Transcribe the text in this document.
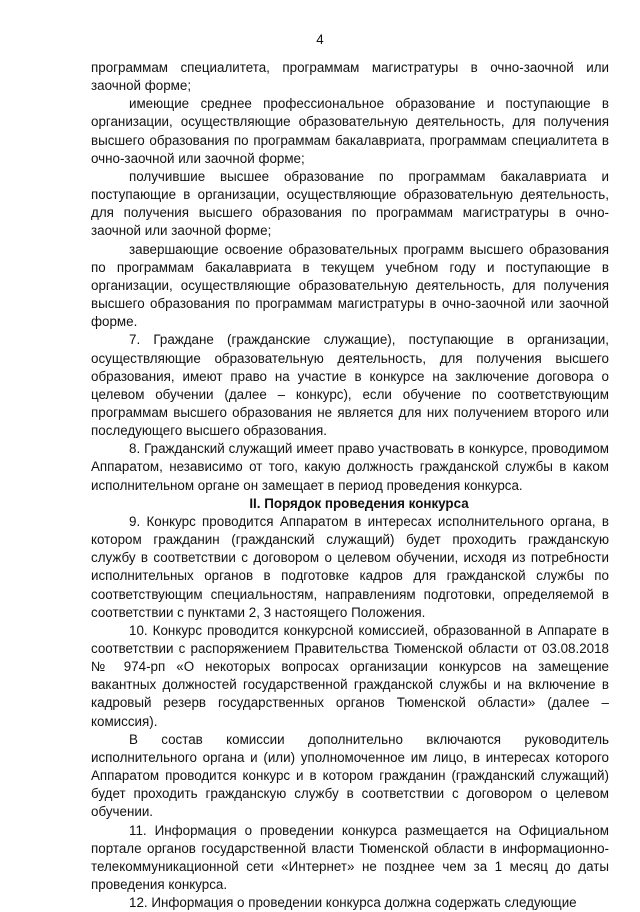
4

программам специалитета, программам магистратуры в очно-заочной или заочной форме;

имеющие среднее профессиональное образование и поступающие в организации, осуществляющие образовательную деятельность, для получения высшего образования по программам бакалавриата, программам специалитета в очно-заочной или заочной форме;

получившие высшее образование по программам бакалавриата и поступающие в организации, осуществляющие образовательную деятельность, для получения высшего образования по программам магистратуры в очно-заочной или заочной форме;

завершающие освоение образовательных программ высшего образования по программам бакалавриата в текущем учебном году и поступающие в организации, осуществляющие образовательную деятельность, для получения высшего образования по программам магистратуры в очно-заочной или заочной форме.

7. Граждане (гражданские служащие), поступающие в организации, осуществляющие образовательную деятельность, для получения высшего образования, имеют право на участие в конкурсе на заключение договора о целевом обучении (далее – конкурс), если обучение по соответствующим программам высшего образования не является для них получением второго или последующего высшего образования.

8. Гражданский служащий имеет право участвовать в конкурсе, проводимом Аппаратом, независимо от того, какую должность гражданской службы в каком исполнительном органе он замещает в период проведения конкурса.

II. Порядок проведения конкурса

9. Конкурс проводится Аппаратом в интересах исполнительного органа, в котором гражданин (гражданский служащий) будет проходить гражданскую службу в соответствии с договором о целевом обучении, исходя из потребности исполнительных органов в подготовке кадров для гражданской службы по соответствующим специальностям, направлениям подготовки, определяемой в соответствии с пунктами 2, 3 настоящего Положения.

10. Конкурс проводится конкурсной комиссией, образованной в Аппарате в соответствии с распоряжением Правительства Тюменской области от 03.08.2018 № 974-рп «О некоторых вопросах организации конкурсов на замещение вакантных должностей государственной гражданской службы и на включение в кадровый резерв государственных органов Тюменской области» (далее – комиссия).

В состав комиссии дополнительно включаются руководитель исполнительного органа и (или) уполномоченное им лицо, в интересах которого Аппаратом проводится конкурс и в котором гражданин (гражданский служащий) будет проходить гражданскую службу в соответствии с договором о целевом обучении.

11. Информация о проведении конкурса размещается на Официальном портале органов государственной власти Тюменской области в информационно-телекоммуникационной сети «Интернет» не позднее чем за 1 месяц до даты проведения конкурса.

12. Информация о проведении конкурса должна содержать следующие
